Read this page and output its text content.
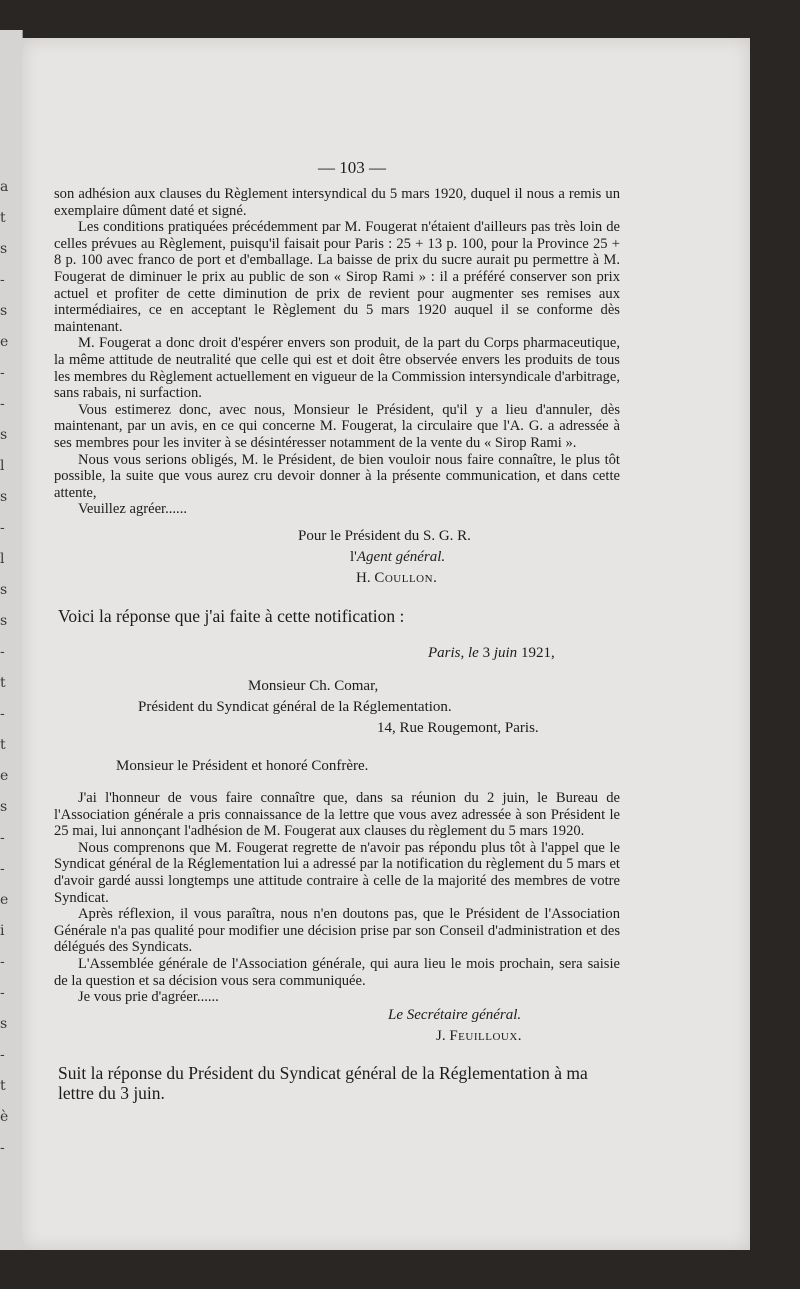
a
t
s
-
s
e
-
-
s
l
s
-
l
s
s
-
t
-
t
e
s
-
-
e
i
-
-
s
-
t
è
-
— 103 —

son adhésion aux clauses du Règlement intersyndical du 5 mars 1920, duquel il nous a remis un exemplaire dûment daté et signé.

Les conditions pratiquées précédemment par M. Fougerat n'étaient d'ailleurs pas très loin de celles prévues au Règlement, puisqu'il faisait pour Paris : 25 + 13 p. 100, pour la Province 25 + 8 p. 100 avec franco de port et d'emballage. La baisse de prix du sucre aurait pu permettre à M. Fougerat de diminuer le prix au public de son « Sirop Rami » : il a préféré conserver son prix actuel et profiter de cette diminution de prix de revient pour augmenter ses remises aux intermédiaires, ce en acceptant le Règlement du 5 mars 1920 auquel il se conforme dès maintenant.

M. Fougerat a donc droit d'espérer envers son produit, de la part du Corps pharmaceutique, la même attitude de neutralité que celle qui est et doit être observée envers les produits de tous les membres du Règlement actuellement en vigueur de la Commission intersyndicale d'arbitrage, sans rabais, ni surfaction.

Vous estimerez donc, avec nous, Monsieur le Président, qu'il y a lieu d'annuler, dès maintenant, par un avis, en ce qui concerne M. Fougerat, la circulaire que l'A. G. a adressée à ses membres pour les inviter à se désintéresser notamment de la vente du « Sirop Rami ».

Nous vous serions obligés, M. le Président, de bien vouloir nous faire connaître, le plus tôt possible, la suite que vous aurez cru devoir donner à la présente communication, et dans cette attente,

Veuillez agréer......

Pour le Président du S. G. R.
l'Agent général.
H. Coullon.
Voici la réponse que j'ai faite à cette notification :
Paris, le 3 juin 1921,
Monsieur Ch. Comar,
Président du Syndicat général de la Réglementation.
14, Rue Rougemont, Paris.
Monsieur le Président et honoré Confrère.

J'ai l'honneur de vous faire connaître que, dans sa réunion du 2 juin, le Bureau de l'Association générale a pris connaissance de la lettre que vous avez adressée à son Président le 25 mai, lui annonçant l'adhésion de M. Fougerat aux clauses du règlement du 5 mars 1920.

Nous comprenons que M. Fougerat regrette de n'avoir pas répondu plus tôt à l'appel que le Syndicat général de la Réglementation lui a adressé par la notification du règlement du 5 mars et d'avoir gardé aussi longtemps une attitude contraire à celle de la majorité des membres de votre Syndicat.

Après réflexion, il vous paraîtra, nous n'en doutons pas, que le Président de l'Association Générale n'a pas qualité pour modifier une décision prise par son Conseil d'administration et des délégués des Syndicats.

L'Assemblée générale de l'Association générale, qui aura lieu le mois prochain, sera saisie de la question et sa décision vous sera communiquée.

Je vous prie d'agréer......

Le Secrétaire général.
J. Feuilloux.
Suit la réponse du Président du Syndicat général de la Réglementation à ma lettre du 3 juin.
